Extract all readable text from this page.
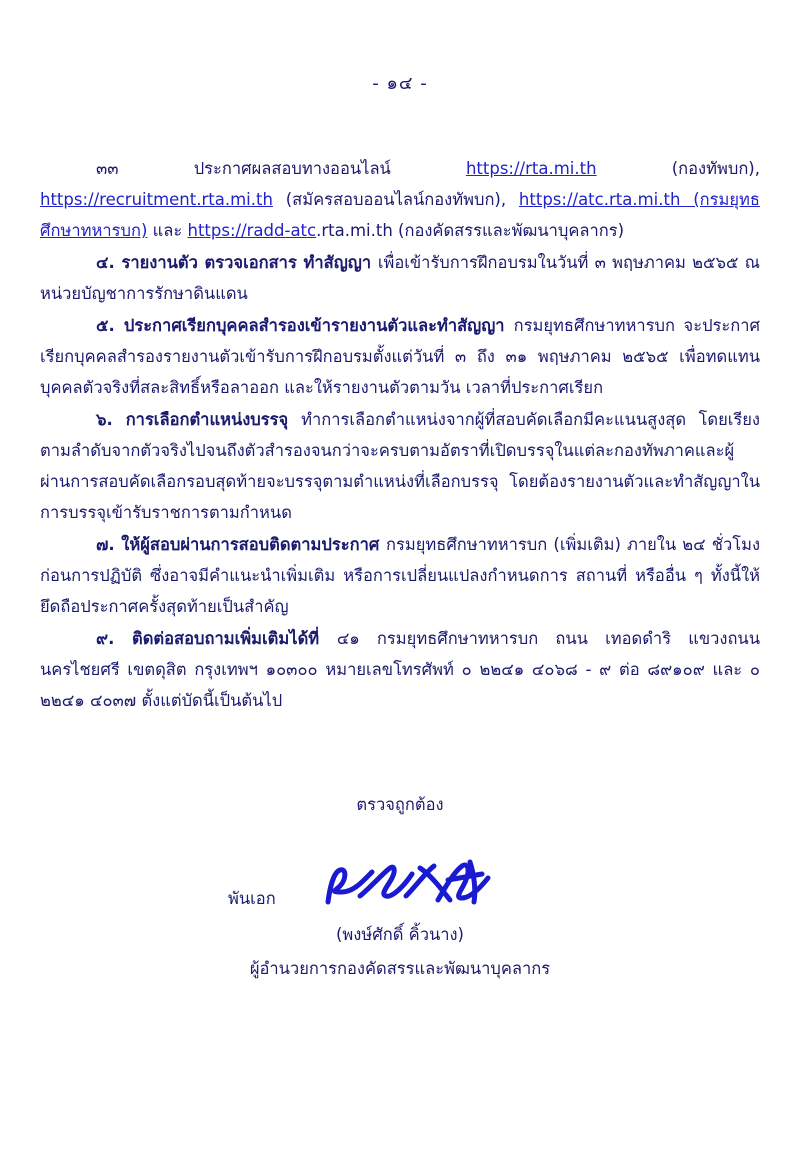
- ๑๔ -

๓๓ ประกาศผลสอบทางออนไลน์ https://rta.mi.th (กองทัพบก), https://recruitment.rta.mi.th (สมัครสอบออนไลน์กองทัพบก), https://atc.rta.mi.th (กรมยุทธศึกษาทหารบก) และ https://radd-atc.rta.mi.th (กองคัดสรรและพัฒนาบุคลากร)

๔. รายงานตัว ตรวจเอกสาร ทำสัญญา เพื่อเข้ารับการฝึกอบรมในวันที่ ๓ พฤษภาคม ๒๕๖๕ ณ หน่วยบัญชาการรักษาดินแดน

๕. ประกาศเรียกบุคคลสำรองเข้ารายงานตัวและทำสัญญา กรมยุทธศึกษาทหารบก จะประกาศเรียกบุคคลสำรองรายงานตัวเข้ารับการฝึกอบรมตั้งแต่วันที่ ๓ ถึง ๓๑ พฤษภาคม ๒๕๖๕ เพื่อทดแทนบุคคลตัวจริงที่สละสิทธิ์หรือลาออก และให้รายงานตัวตามวัน เวลาที่ประกาศเรียก

๖. การเลือกตำแหน่งบรรจุ ทำการเลือกตำแหน่งจากผู้ที่สอบคัดเลือกมีคะแนนสูงสุด โดยเรียงตามลำดับจากตัวจริงไปจนถึงตัวสำรองจนกว่าจะครบตามอัตราที่เปิดบรรจุในแต่ละกองทัพภาคและผู้ผ่านการสอบคัดเลือกรอบสุดท้ายจะบรรจุตามตำแหน่งที่เลือกบรรจุ โดยต้องรายงานตัวและทำสัญญาในการบรรจุเข้ารับราชการตามกำหนด

๗. ให้ผู้สอบผ่านการสอบติดตามประกาศ กรมยุทธศึกษาทหารบก (เพิ่มเติม) ภายใน ๒๔ ชั่วโมง ก่อนการปฏิบัติ ซึ่งอาจมีคำแนะนำเพิ่มเติม หรือการเปลี่ยนแปลงกำหนดการ สถานที่ หรืออื่น ๆ ทั้งนี้ให้ยึดถือประกาศครั้งสุดท้ายเป็นสำคัญ

๙. ติดต่อสอบถามเพิ่มเติมได้ที่ ๔๑ กรมยุทธศึกษาทหารบก ถนน เทอดดำริ แขวงถนนนครไชยศรี เขตดุสิต กรุงเทพฯ ๑๐๓๐๐ หมายเลขโทรศัพท์ ๐ ๒๒๔๑ ๔๐๖๘ - ๙ ต่อ ๘๙๑๐๙ และ ๐ ๒๒๔๑ ๔๐๓๗ ตั้งแต่บัดนี้เป็นต้นไป

ตรวจถูกต้อง
พันเอก
(พงษ์ศักดิ์ คิ้วนาง)
ผู้อำนวยการกองคัดสรรและพัฒนาบุคลากร
